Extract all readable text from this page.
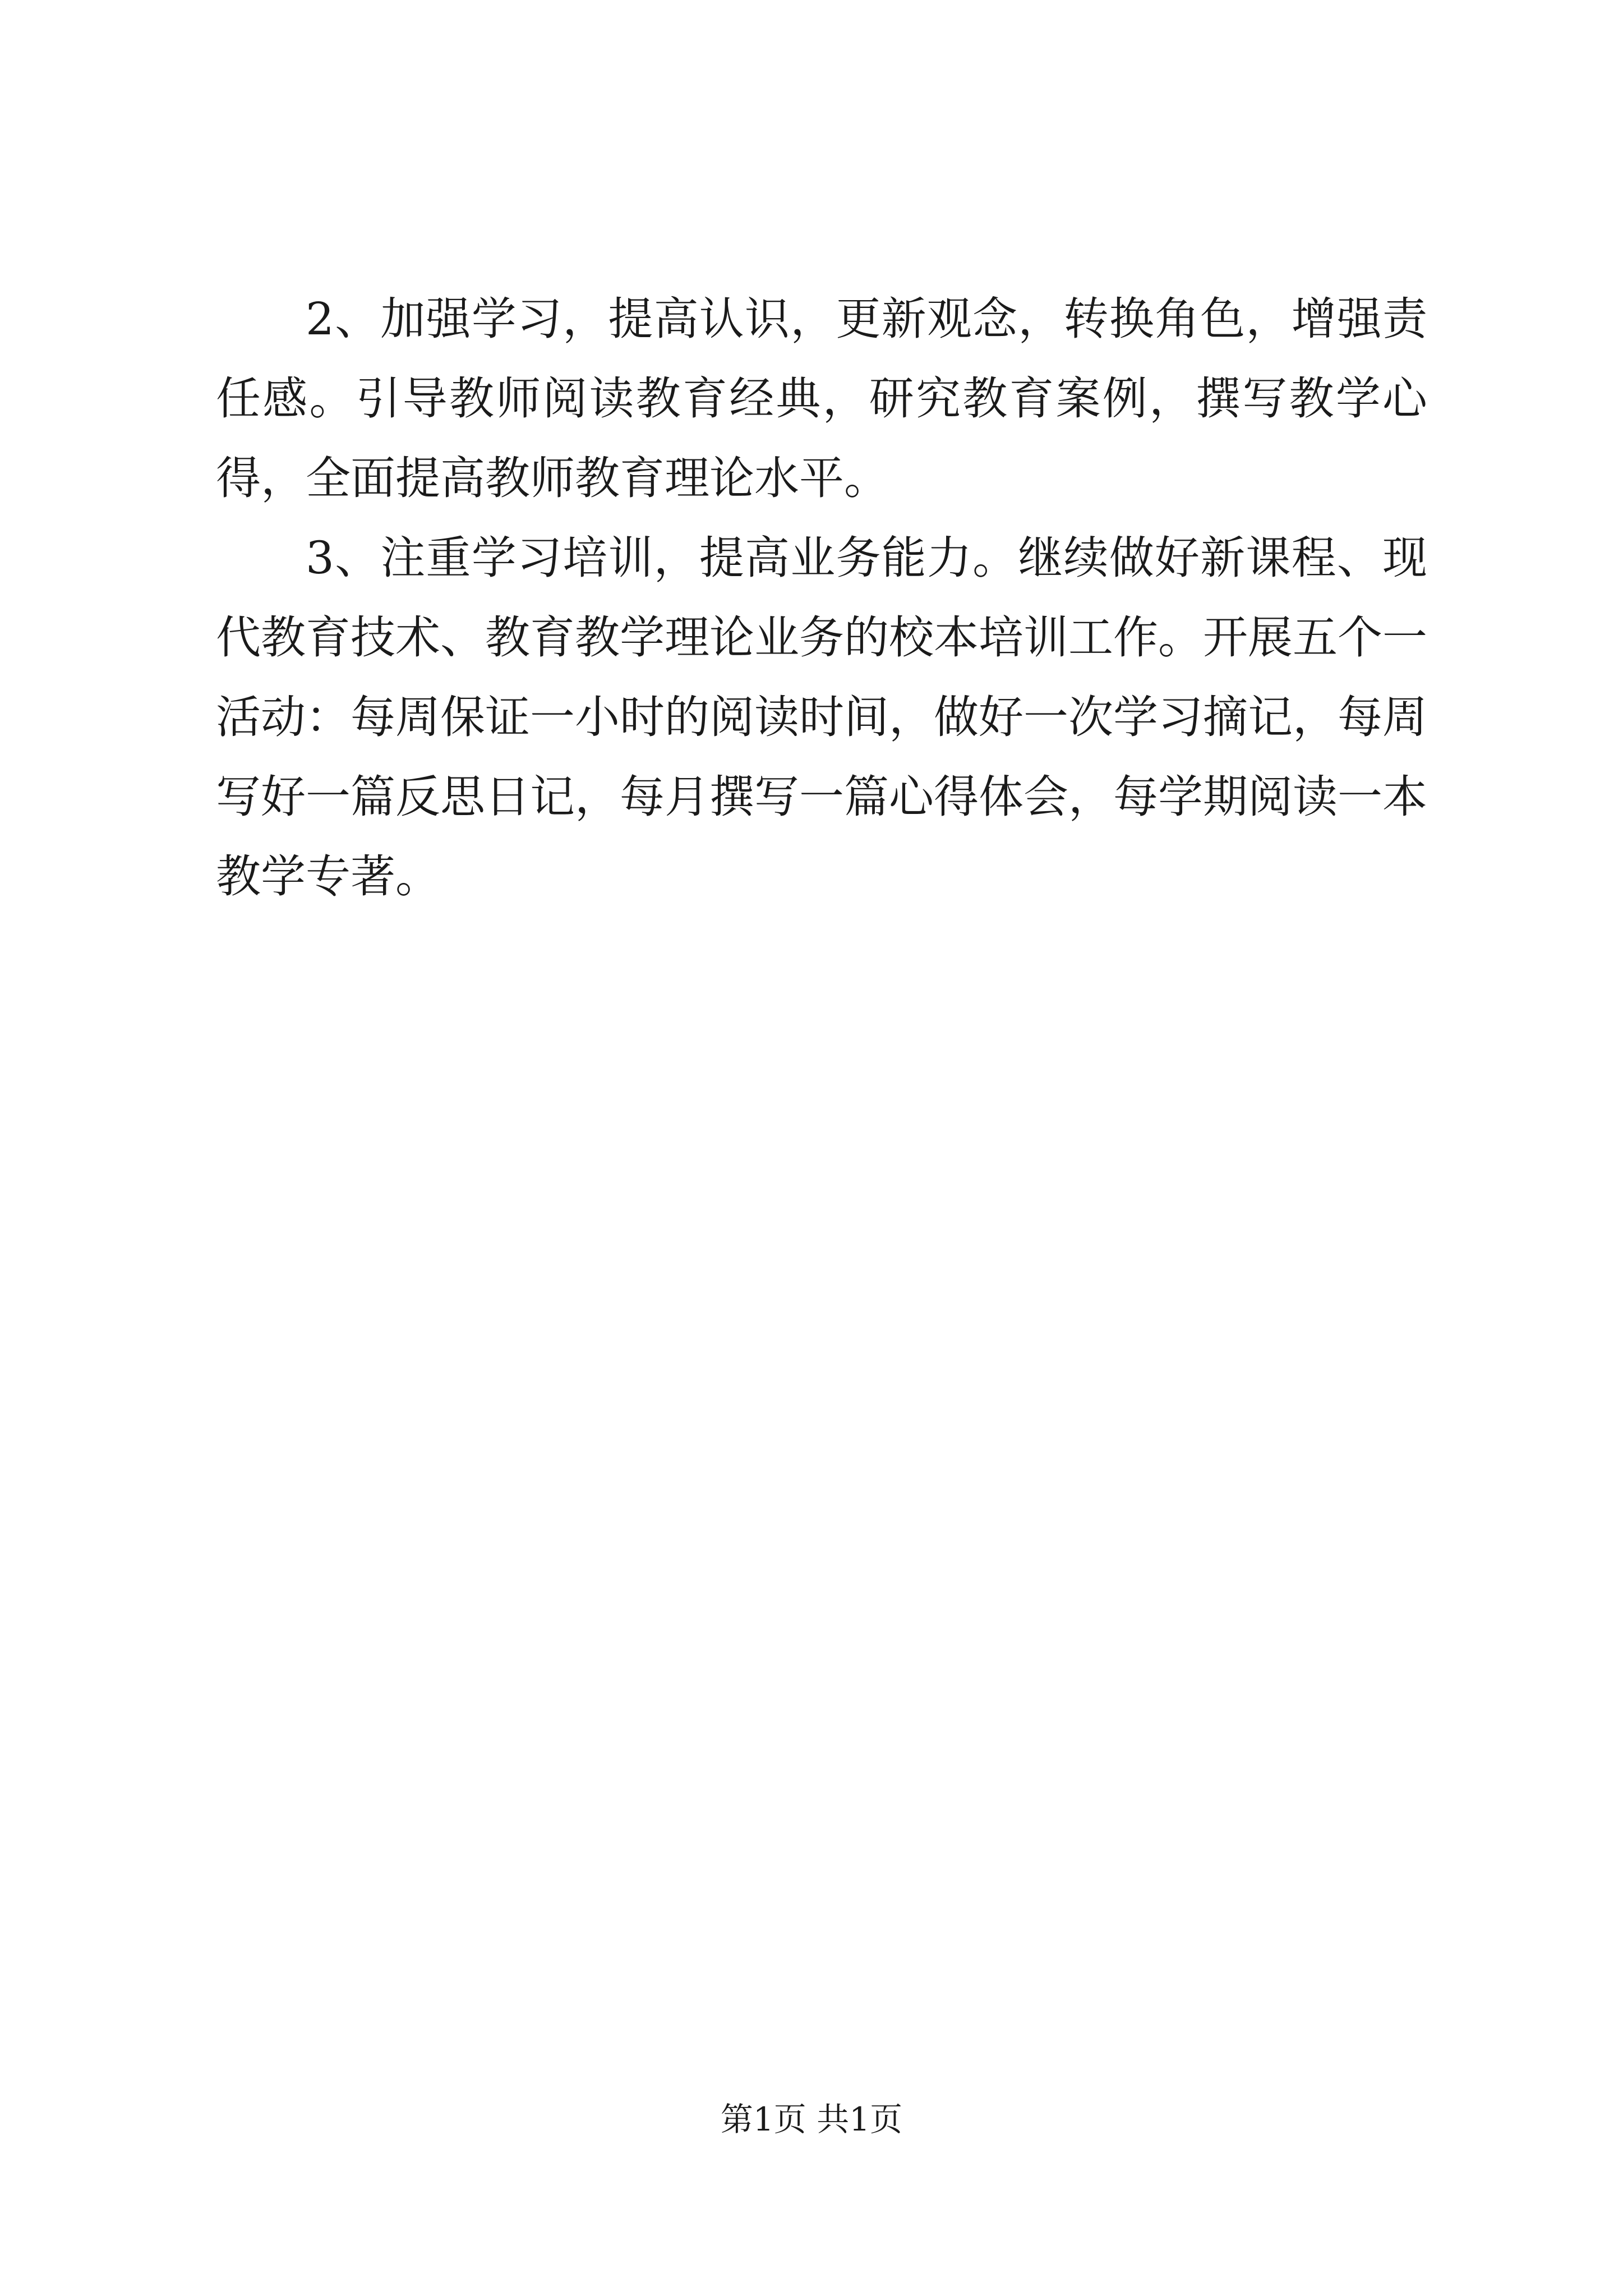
2、加强学习，提高认识，更新观念，转换角色，增强责任感。引导教师阅读教育经典，研究教育案例，撰写教学心得，全面提高教师教育理论水平。

3、注重学习培训，提高业务能力。继续做好新课程、现代教育技术、教育教学理论业务的校本培训工作。开展五个一活动：每周保证一小时的阅读时间，做好一次学习摘记，每周写好一篇反思日记，每月撰写一篇心得体会，每学期阅读一本教学专著。

第1页 共1页
